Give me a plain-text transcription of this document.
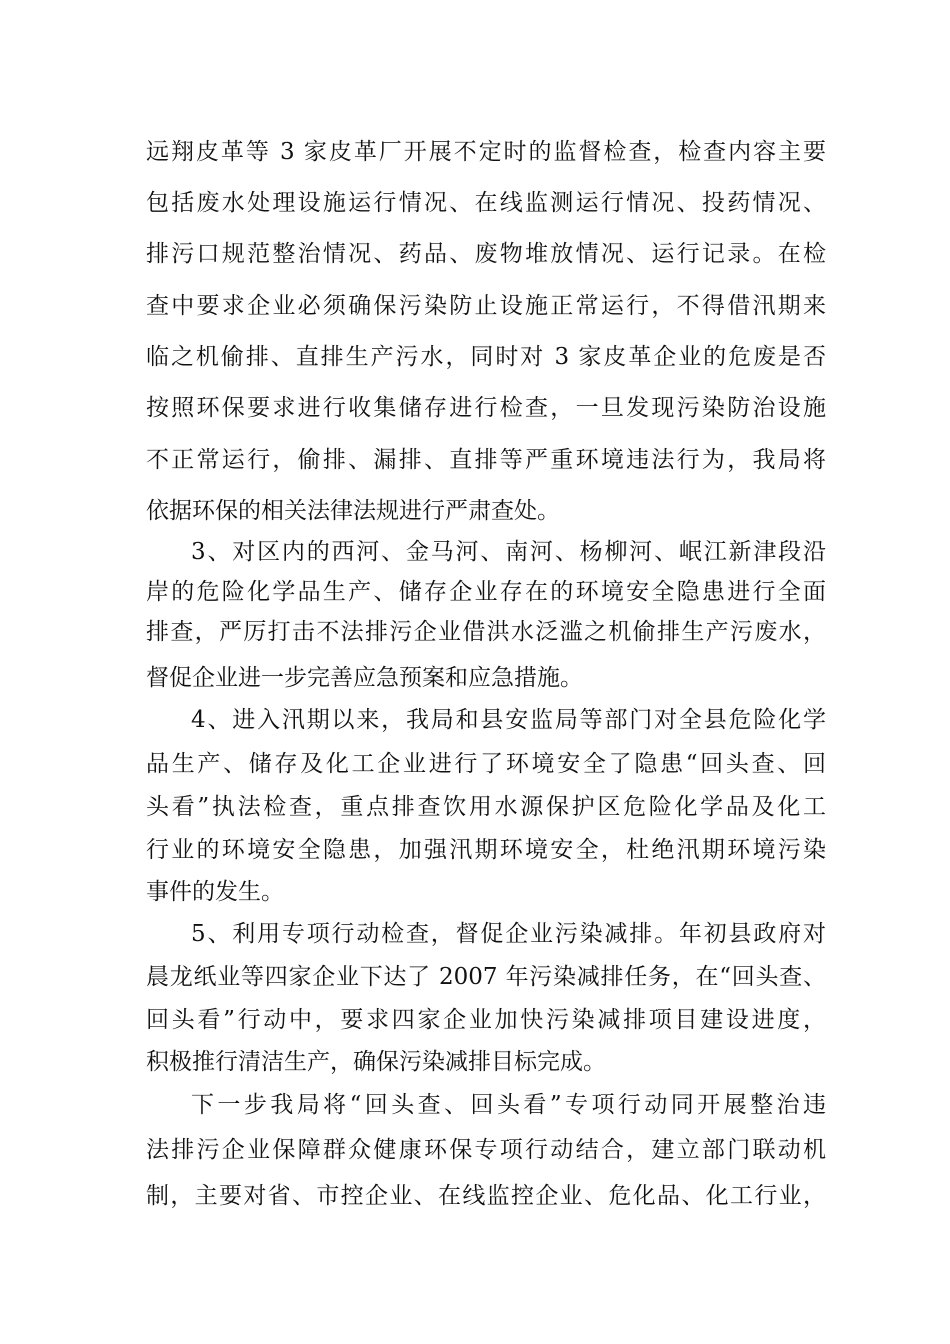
远翔皮革等 3 家皮革厂开展不定时的监督检查，检查内容主要
包括废水处理设施运行情况、在线监测运行情况、投药情况、
排污口规范整治情况、药品、废物堆放情况、运行记录。在检
查中要求企业必须确保污染防止设施正常运行，不得借汛期来
临之机偷排、直排生产污水，同时对 3 家皮革企业的危废是否
按照环保要求进行收集储存进行检查，一旦发现污染防治设施
不正常运行，偷排、漏排、直排等严重环境违法行为，我局将
依据环保的相关法律法规进行严肃查处。
3、对区内的西河、金马河、南河、杨柳河、岷江新津段沿
岸的危险化学品生产、储存企业存在的环境安全隐患进行全面
排查，严厉打击不法排污企业借洪水泛滥之机偷排生产污废水，
督促企业进一步完善应急预案和应急措施。
4、进入汛期以来，我局和县安监局等部门对全县危险化学
品生产、储存及化工企业进行了环境安全了隐患“回头查、回
头看”执法检查，重点排查饮用水源保护区危险化学品及化工
行业的环境安全隐患，加强汛期环境安全，杜绝汛期环境污染
事件的发生。
5、利用专项行动检查，督促企业污染减排。年初县政府对
晨龙纸业等四家企业下达了 2007 年污染减排任务，在“回头查、
回头看”行动中，要求四家企业加快污染减排项目建设进度，
积极推行清洁生产，确保污染减排目标完成。
下一步我局将“回头查、回头看”专项行动同开展整治违
法排污企业保障群众健康环保专项行动结合，建立部门联动机
制，主要对省、市控企业、在线监控企业、危化品、化工行业，
